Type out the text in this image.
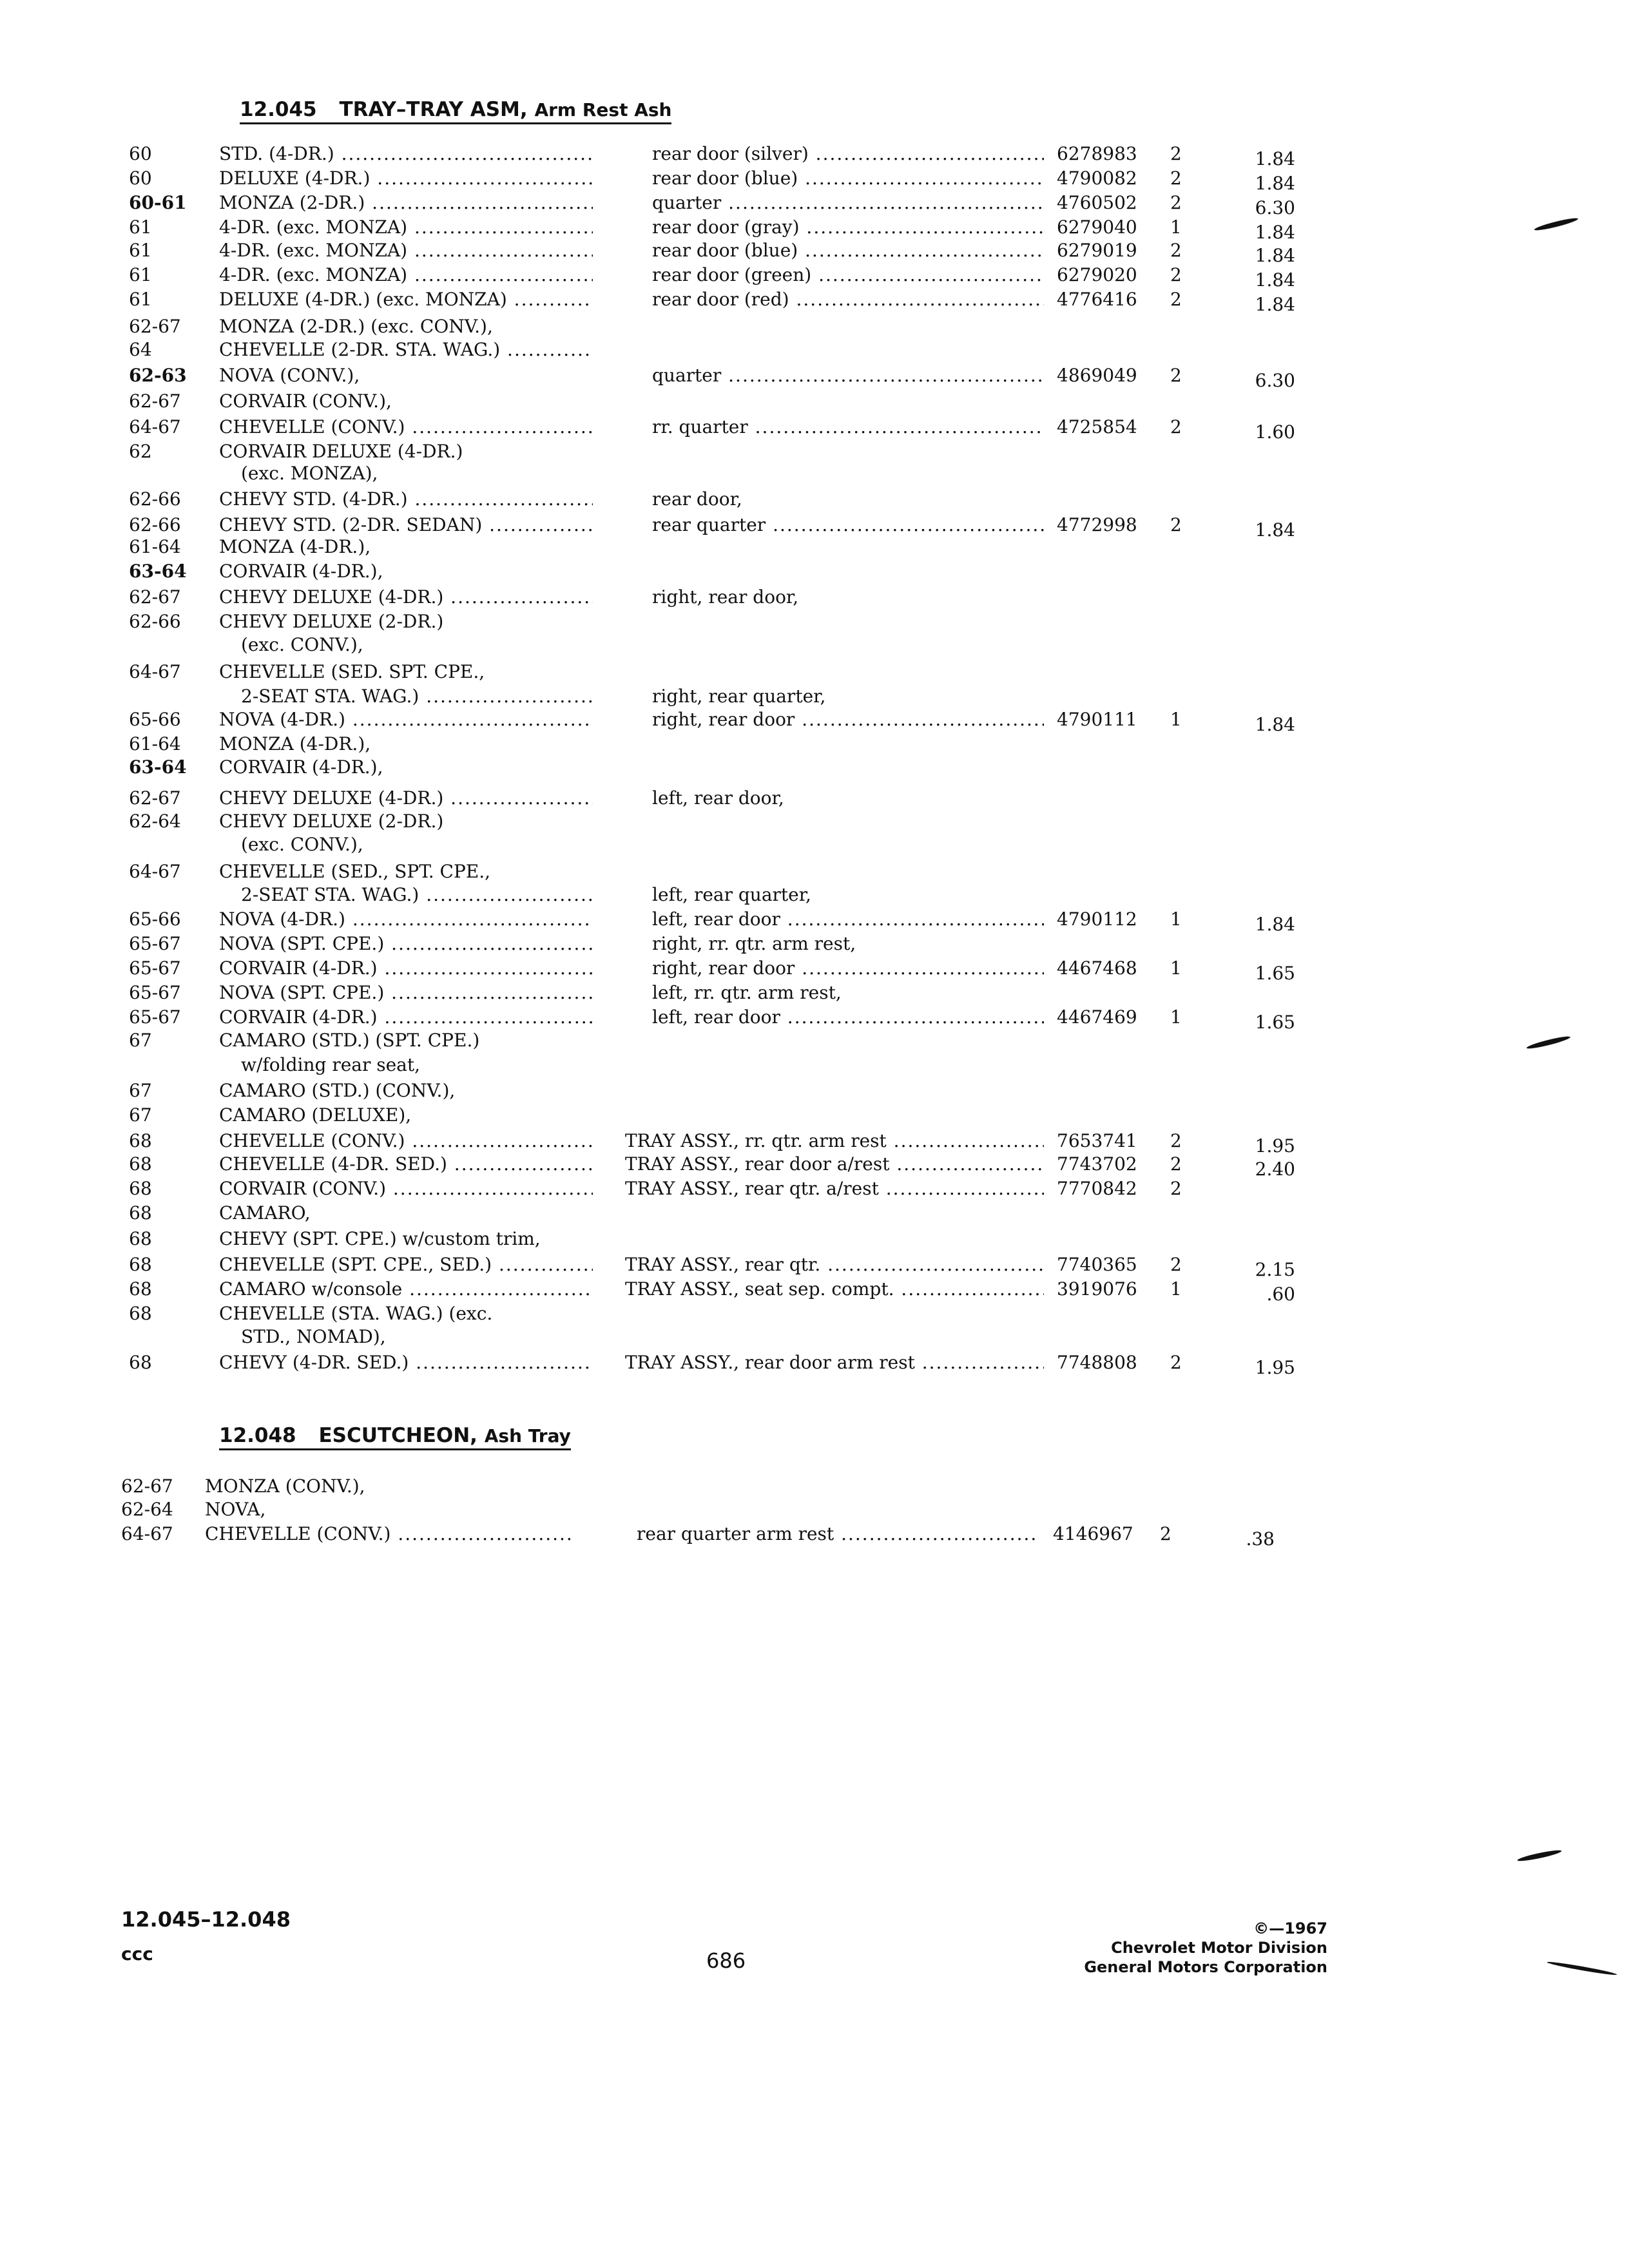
12.045 TRAY–TRAY ASM, Arm Rest Ash
60	STD. (4-DR.) .....	rear door (silver) .....	6278983 2	1.84
60	DELUXE (4-DR.) .....	rear door (blue) .....	4790082 2	1.84
60-61	MONZA (2-DR.) .....	quarter .....	4760502 2	6.30
61	4-DR. (exc. MONZA) .....	rear door (gray) .....	6279040 1	1.84
61	4-DR. (exc. MONZA) .....	rear door (blue) .....	6279019 2	1.84
61	4-DR. (exc. MONZA) .....	rear door (green) .....	6279020 2	1.84
61	DELUXE (4-DR.) (exc. MONZA) .....	rear door (red) .....	4776416 2	1.84
62-67	MONZA (2-DR.) (exc. CONV.),
64	CHEVELLE (2-DR. STA. WAG.) .....
62-63	NOVA (CONV.),	quarter .....	4869049 2	6.30
62-67	CORVAIR (CONV.),
64-67	CHEVELLE (CONV.) .....	rr. quarter .....	4725854 2	1.60
62	CORVAIR DELUXE (4-DR.)
(exc. MONZA),
62-66	CHEVY STD. (4-DR.) .....	rear door,
62-66	CHEVY STD. (2-DR. SEDAN) .....	rear quarter .....	4772998 2	1.84
61-64	MONZA (4-DR.),
63-64	CORVAIR (4-DR.),
62-67	CHEVY DELUXE (4-DR.) .....	right, rear door,
62-66	CHEVY DELUXE (2-DR.)
(exc. CONV.),
64-67	CHEVELLE (SED. SPT. CPE.,
2-SEAT STA. WAG.) .....	right, rear quarter,
65-66	NOVA (4-DR.) .....	right, rear door .....	4790111 1	1.84
61-64	MONZA (4-DR.),
63-64	CORVAIR (4-DR.),
62-67	CHEVY DELUXE (4-DR.) .....	left, rear door,
62-64	CHEVY DELUXE (2-DR.)
(exc. CONV.),
64-67	CHEVELLE (SED., SPT. CPE.,
2-SEAT STA. WAG.) .....	left, rear quarter,
65-66	NOVA (4-DR.) .....	left, rear door .....	4790112 1	1.84
65-67	NOVA (SPT. CPE.) .....	right, rr. qtr. arm rest,
65-67	CORVAIR (4-DR.) .....	right, rear door .....	4467468 1	1.65
65-67	NOVA (SPT. CPE.) .....	left, rr. qtr. arm rest,
65-67	CORVAIR (4-DR.) .....	left, rear door .....	4467469 1	1.65
67	CAMARO (STD.) (SPT. CPE.)
w/folding rear seat,
67	CAMARO (STD.) (CONV.),
67	CAMARO (DELUXE),
68	CHEVELLE (CONV.) .....	TRAY ASSY., rr. qtr. arm rest .....	7653741 2	1.95
68	CHEVELLE (4-DR. SED.) .....	TRAY ASSY., rear door a/rest .....	7743702 2	2.40
68	CORVAIR (CONV.) .....	TRAY ASSY., rear qtr. a/rest .....	7770842 2
68	CAMARO,
68	CHEVY (SPT. CPE.) w/custom trim,
68	CHEVELLE (SPT. CPE., SED.) .....	TRAY ASSY., rear qtr. .....	7740365 2	2.15
68	CAMARO w/console .....	TRAY ASSY., seat sep. compt. .....	3919076 1	.60
68	CHEVELLE (STA. WAG.) (exc.
STD., NOMAD),
68	CHEVY (4-DR. SED.) .....	TRAY ASSY., rear door arm rest .....	7748808 2	1.95
12.048 ESCUTCHEON, Ash Tray
62-67	MONZA (CONV.),
62-64	NOVA,
64-67	CHEVELLE (CONV.) .....	rear quarter arm rest .....	4146967 2	.38
12.045–12.048
ccc	686
©—1967
Chevrolet Motor Division
General Motors Corporation
